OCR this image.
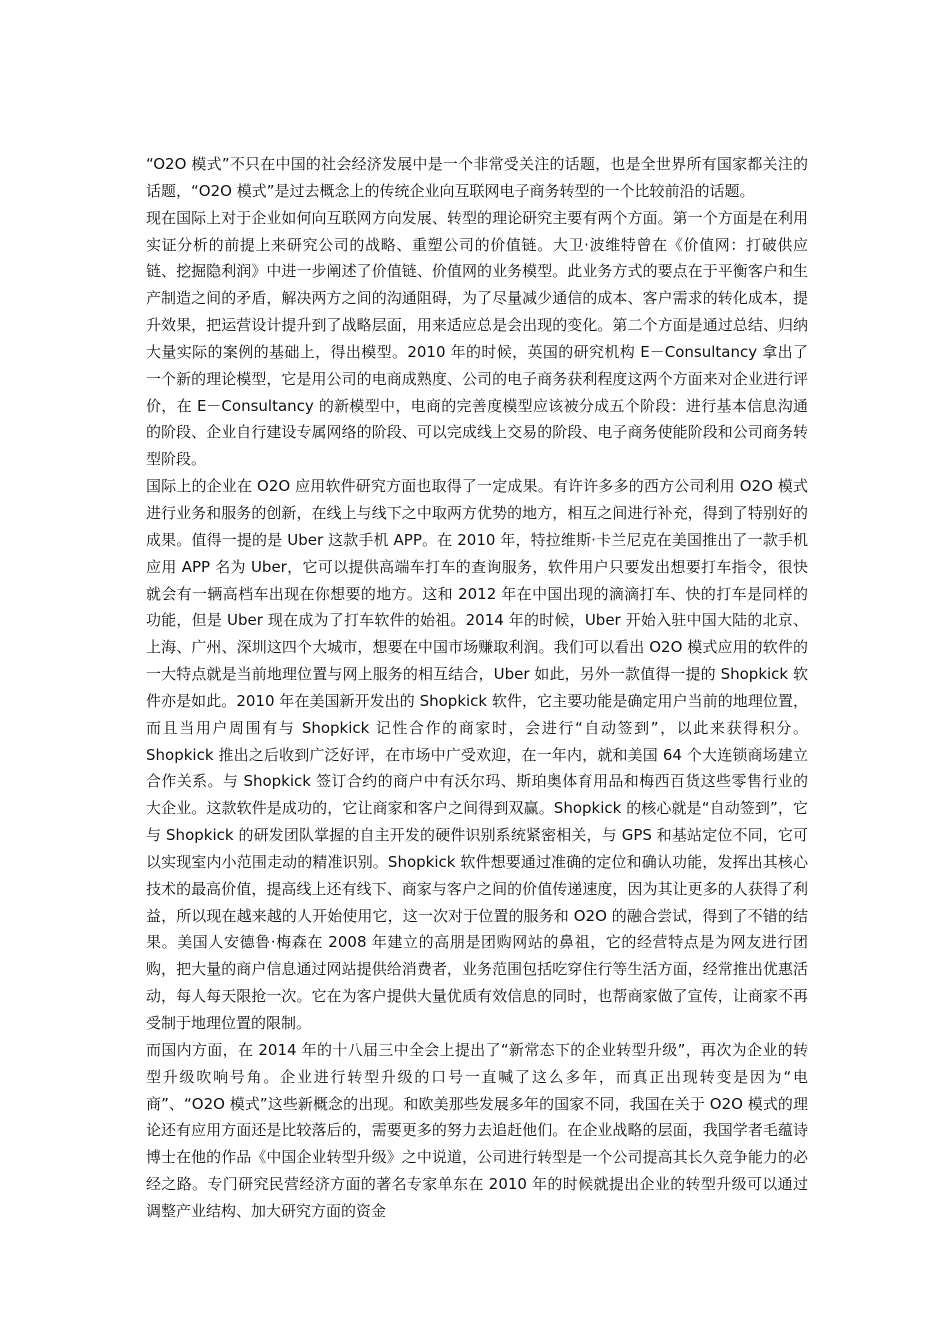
“O2O 模式”不只在中国的社会经济发展中是一个非常受关注的话题，也是全世界所有国家都关注的话题，“O2O 模式”是过去概念上的传统企业向互联网电子商务转型的一个比较前沿的话题。

现在国际上对于企业如何向互联网方向发展、转型的理论研究主要有两个方面。第一个方面是在利用实证分析的前提上来研究公司的战略、重塑公司的价值链。大卫·波维特曾在《价值网：打破供应链、挖掘隐利润》中进一步阐述了价值链、价值网的业务模型。此业务方式的要点在于平衡客户和生产制造之间的矛盾，解决两方之间的沟通阻碍，为了尽量减少通信的成本、客户需求的转化成本，提升效果，把运营设计提升到了战略层面，用来适应总是会出现的变化。第二个方面是通过总结、归纳大量实际的案例的基础上，得出模型。2010 年的时候，英国的研究机构 E－Consultancy 拿出了一个新的理论模型，它是用公司的电商成熟度、公司的电子商务获利程度这两个方面来对企业进行评价，在 E－Consultancy 的新模型中，电商的完善度模型应该被分成五个阶段：进行基本信息沟通的阶段、企业自行建设专属网络的阶段、可以完成线上交易的阶段、电子商务使能阶段和公司商务转型阶段。

国际上的企业在 O2O 应用软件研究方面也取得了一定成果。有许许多多的西方公司利用 O2O 模式进行业务和服务的创新，在线上与线下之中取两方优势的地方，相互之间进行补充，得到了特别好的成果。值得一提的是 Uber 这款手机 APP。在 2010 年，特拉维斯·卡兰尼克在美国推出了一款手机应用 APP 名为 Uber，它可以提供高端车打车的查询服务，软件用户只要发出想要打车指令，很快就会有一辆高档车出现在你想要的地方。这和 2012 年在中国出现的滴滴打车、快的打车是同样的功能，但是 Uber 现在成为了打车软件的始祖。2014 年的时候，Uber 开始入驻中国大陆的北京、上海、广州、深圳这四个大城市，想要在中国市场赚取利润。我们可以看出 O2O 模式应用的软件的一大特点就是当前地理位置与网上服务的相互结合，Uber 如此，另外一款值得一提的 Shopkick 软件亦是如此。2010 年在美国新开发出的 Shopkick 软件，它主要功能是确定用户当前的地理位置，而且当用户周围有与 Shopkick 记性合作的商家时，会进行“自动签到”，以此来获得积分。Shopkick 推出之后收到广泛好评，在市场中广受欢迎，在一年内，就和美国 64 个大连锁商场建立合作关系。与 Shopkick 签订合约的商户中有沃尔玛、斯珀奥体育用品和梅西百货这些零售行业的大企业。这款软件是成功的，它让商家和客户之间得到双赢。Shopkick 的核心就是“自动签到”，它与 Shopkick 的研发团队掌握的自主开发的硬件识别系统紧密相关，与 GPS 和基站定位不同，它可以实现室内小范围走动的精准识别。Shopkick 软件想要通过准确的定位和确认功能，发挥出其核心技术的最高价值，提高线上还有线下、商家与客户之间的价值传递速度，因为其让更多的人获得了利益，所以现在越来越的人开始使用它，这一次对于位置的服务和 O2O 的融合尝试，得到了不错的结果。美国人安德鲁·梅森在 2008 年建立的高朋是团购网站的鼻祖，它的经营特点是为网友进行团购，把大量的商户信息通过网站提供给消费者，业务范围包括吃穿住行等生活方面，经常推出优惠活动，每人每天限抢一次。它在为客户提供大量优质有效信息的同时，也帮商家做了宣传，让商家不再受制于地理位置的限制。

而国内方面，在 2014 年的十八届三中全会上提出了“新常态下的企业转型升级”，再次为企业的转型升级吹响号角。企业进行转型升级的口号一直喊了这么多年，而真正出现转变是因为“电商”、“O2O 模式”这些新概念的出现。和欧美那些发展多年的国家不同，我国在关于 O2O 模式的理论还有应用方面还是比较落后的，需要更多的努力去追赶他们。在企业战略的层面，我国学者毛蕴诗博士在他的作品《中国企业转型升级》之中说道，公司进行转型是一个公司提高其长久竞争能力的必经之路。专门研究民营经济方面的著名专家单东在 2010 年的时候就提出企业的转型升级可以通过调整产业结构、加大研究方面的资金
